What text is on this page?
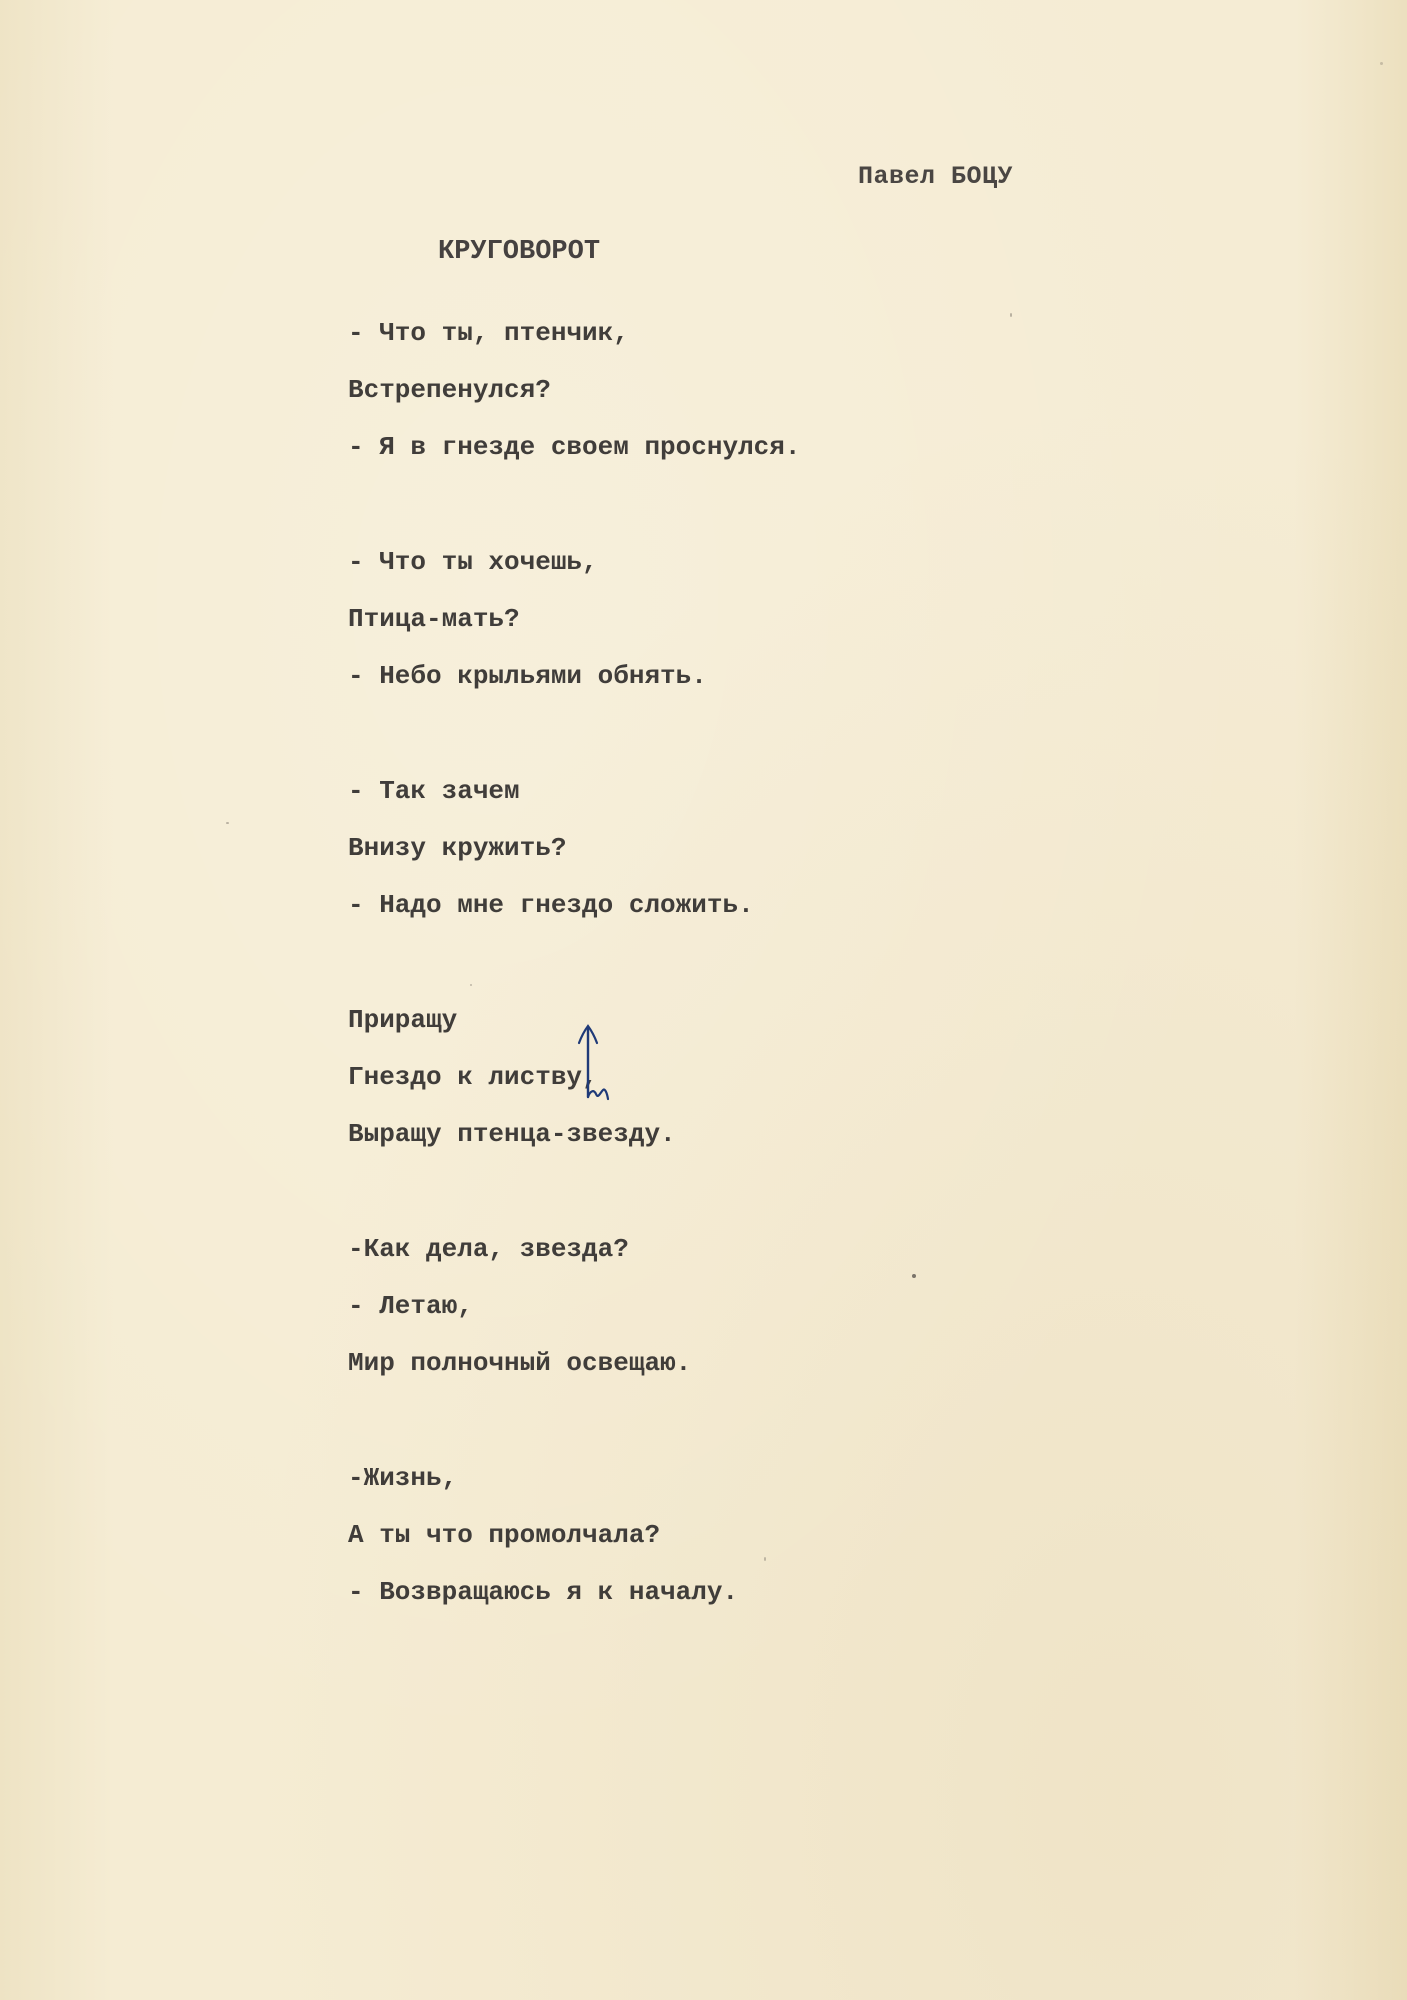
Павел БОЦУ
КРУГОВОРОТ
- Что ты, птенчик,
Встрепенулся?
- Я в гнезде своем проснулся.
- Что ты хочешь,
Птица-мать?
- Небо крыльями обнять.
- Так зачем
Внизу кружить?
- Надо мне гнездо сложить.
Приращу
Гнездо к листву,
Выращу птенца-звезду.
-Как дела, звезда?
- Летаю,
Мир полночный освещаю.
-Жизнь,
А ты что промолчала?
- Возвращаюсь я к началу.
